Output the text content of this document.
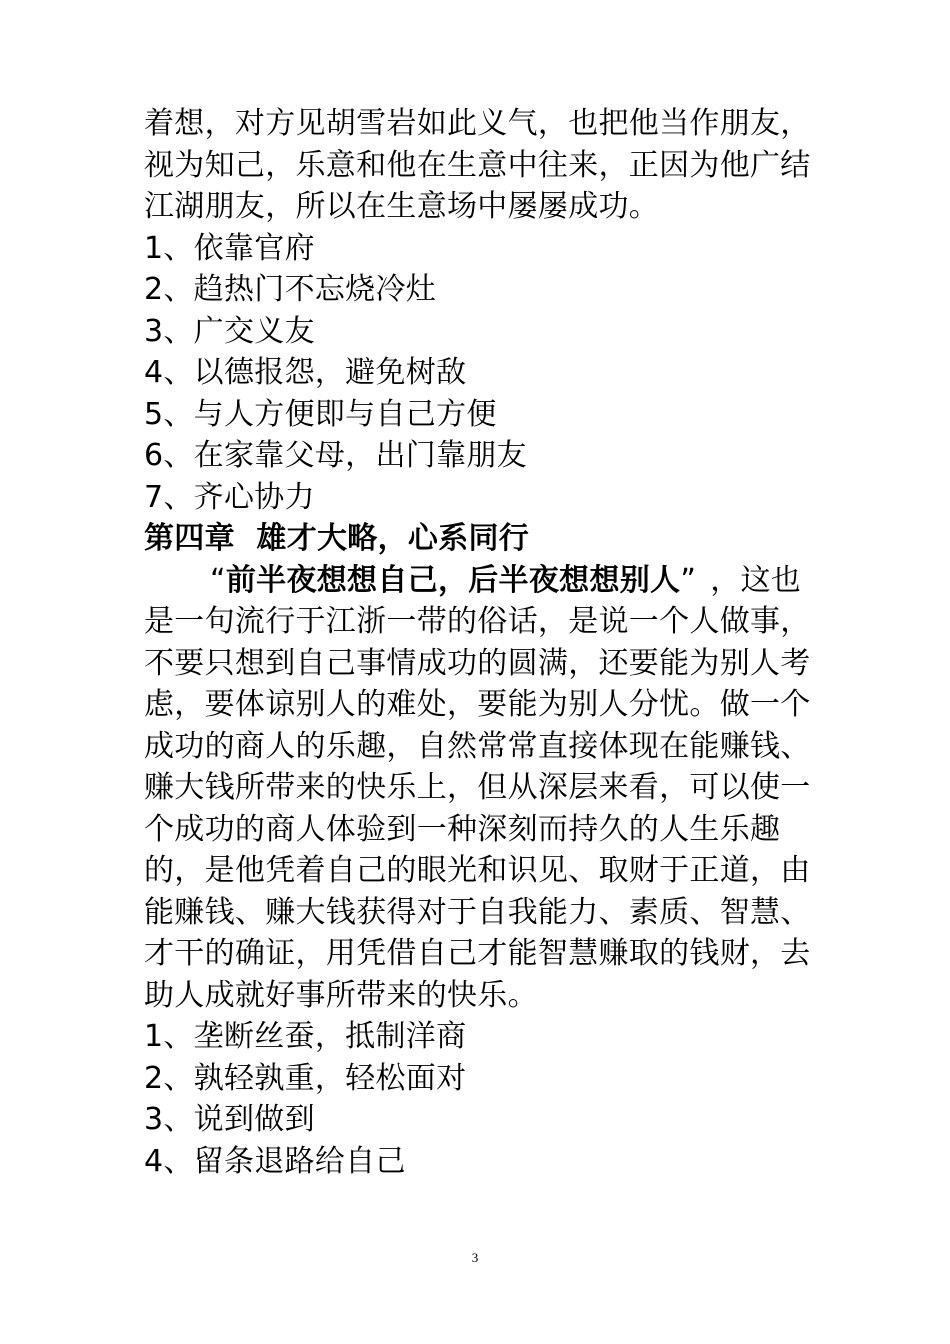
着想，对方见胡雪岩如此义气，也把他当作朋友，
视为知己，乐意和他在生意中往来，正因为他广结
江湖朋友，所以在生意场中屡屡成功。
1、依靠官府
2、趋热门不忘烧冷灶
3、广交义友
4、以德报怨，避免树敌
5、与人方便即与自己方便
6、在家靠父母，出门靠朋友
7、齐心协力
第四章  雄才大略，心系同行
“前半夜想想自己，后半夜想想别人” ，这也
是一句流行于江浙一带的俗话，是说一个人做事，
不要只想到自己事情成功的圆满，还要能为别人考
虑，要体谅别人的难处，要能为别人分忧。做一个
成功的商人的乐趣，自然常常直接体现在能赚钱、
赚大钱所带来的快乐上，但从深层来看，可以使一
个成功的商人体验到一种深刻而持久的人生乐趣
的，是他凭着自己的眼光和识见、取财于正道，由
能赚钱、赚大钱获得对于自我能力、素质、智慧、
才干的确证，用凭借自己才能智慧赚取的钱财，去
助人成就好事所带来的快乐。
1、垄断丝蚕，抵制洋商
2、孰轻孰重，轻松面对
3、说到做到
4、留条退路给自己
3
